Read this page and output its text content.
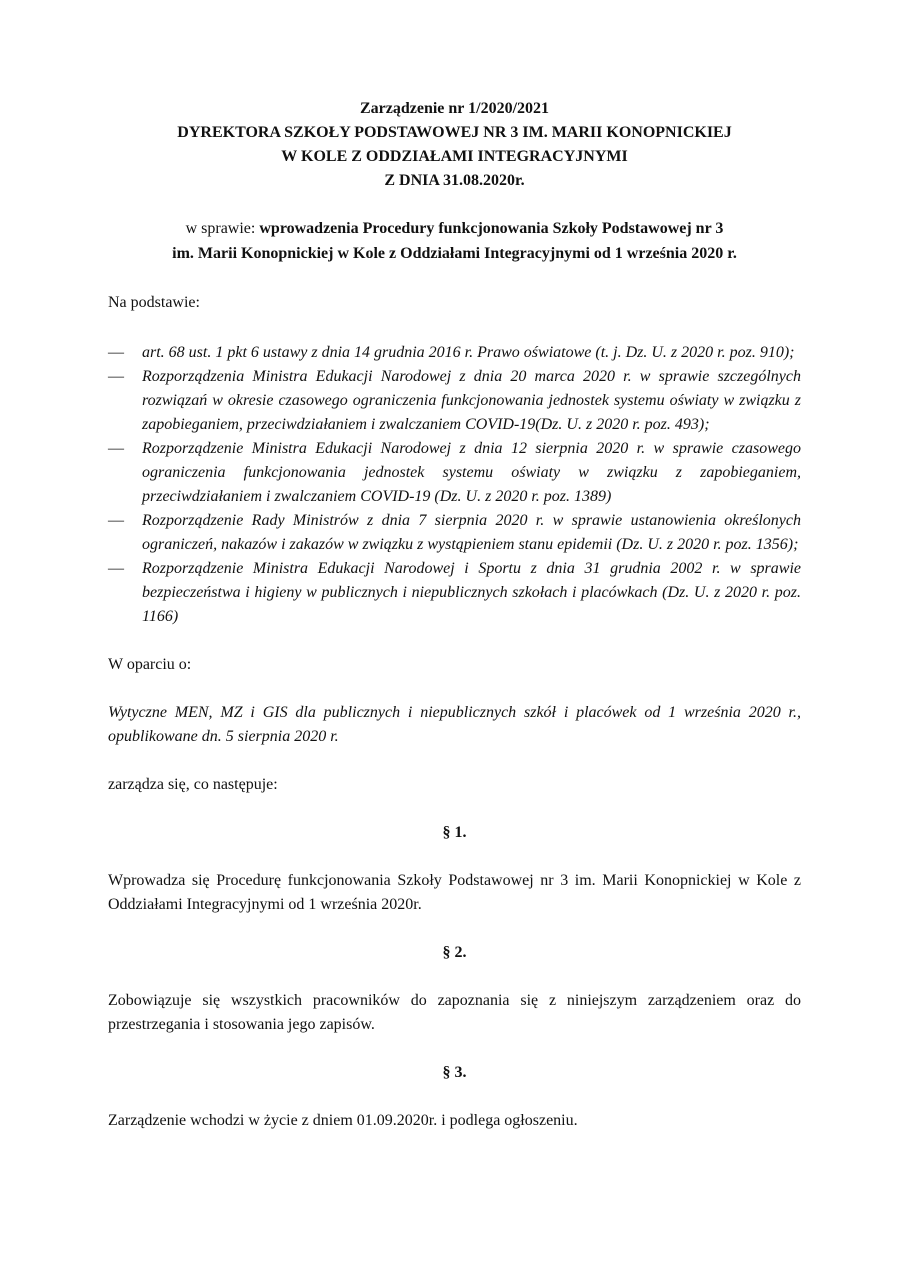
Zarządzenie nr 1/2020/2021
DYREKTORA SZKOŁY PODSTAWOWEJ NR 3 IM. MARII KONOPNICKIEJ
W KOLE Z ODDZIAŁAMI INTEGRACYJNYMI
Z DNIA 31.08.2020r.
w sprawie: wprowadzenia Procedury funkcjonowania Szkoły Podstawowej nr 3
im. Marii Konopnickiej w Kole z Oddziałami Integracyjnymi od 1 września 2020 r.

Na podstawie:

— art. 68 ust. 1 pkt 6 ustawy z dnia 14 grudnia 2016 r. Prawo oświatowe (t. j. Dz. U. z 2020 r. poz. 910);
— Rozporządzenia Ministra Edukacji Narodowej z dnia 20 marca 2020 r. w sprawie szczególnych rozwiązań w okresie czasowego ograniczenia funkcjonowania jednostek systemu oświaty w związku z zapobieganiem, przeciwdziałaniem i zwalczaniem COVID-19(Dz. U. z 2020 r. poz. 493);
— Rozporządzenie Ministra Edukacji Narodowej z dnia 12 sierpnia 2020 r. w sprawie czasowego ograniczenia funkcjonowania jednostek systemu oświaty w związku z zapobieganiem, przeciwdziałaniem i zwalczaniem COVID-19 (Dz. U. z 2020 r. poz. 1389)
— Rozporządzenie Rady Ministrów z dnia 7 sierpnia 2020 r. w sprawie ustanowienia określonych ograniczeń, nakazów i zakazów w związku z wystąpieniem stanu epidemii (Dz. U. z 2020 r. poz. 1356);
— Rozporządzenie Ministra Edukacji Narodowej i Sportu z dnia 31 grudnia 2002 r. w sprawie bezpieczeństwa i higieny w publicznych i niepublicznych szkołach i placówkach (Dz. U. z 2020 r. poz. 1166)

W oparciu o:

Wytyczne MEN, MZ i GIS dla publicznych i niepublicznych szkół i placówek od 1 września 2020 r., opublikowane dn. 5 sierpnia 2020 r.

zarządza się, co następuje:

§ 1.

Wprowadza się Procedurę funkcjonowania Szkoły Podstawowej nr 3 im. Marii Konopnickiej w Kole z Oddziałami Integracyjnymi od 1 września 2020r.

§ 2.

Zobowiązuje się wszystkich pracowników do zapoznania się z niniejszym zarządzeniem oraz do przestrzegania i stosowania jego zapisów.

§ 3.

Zarządzenie wchodzi w życie z dniem 01.09.2020r. i podlega ogłoszeniu.
